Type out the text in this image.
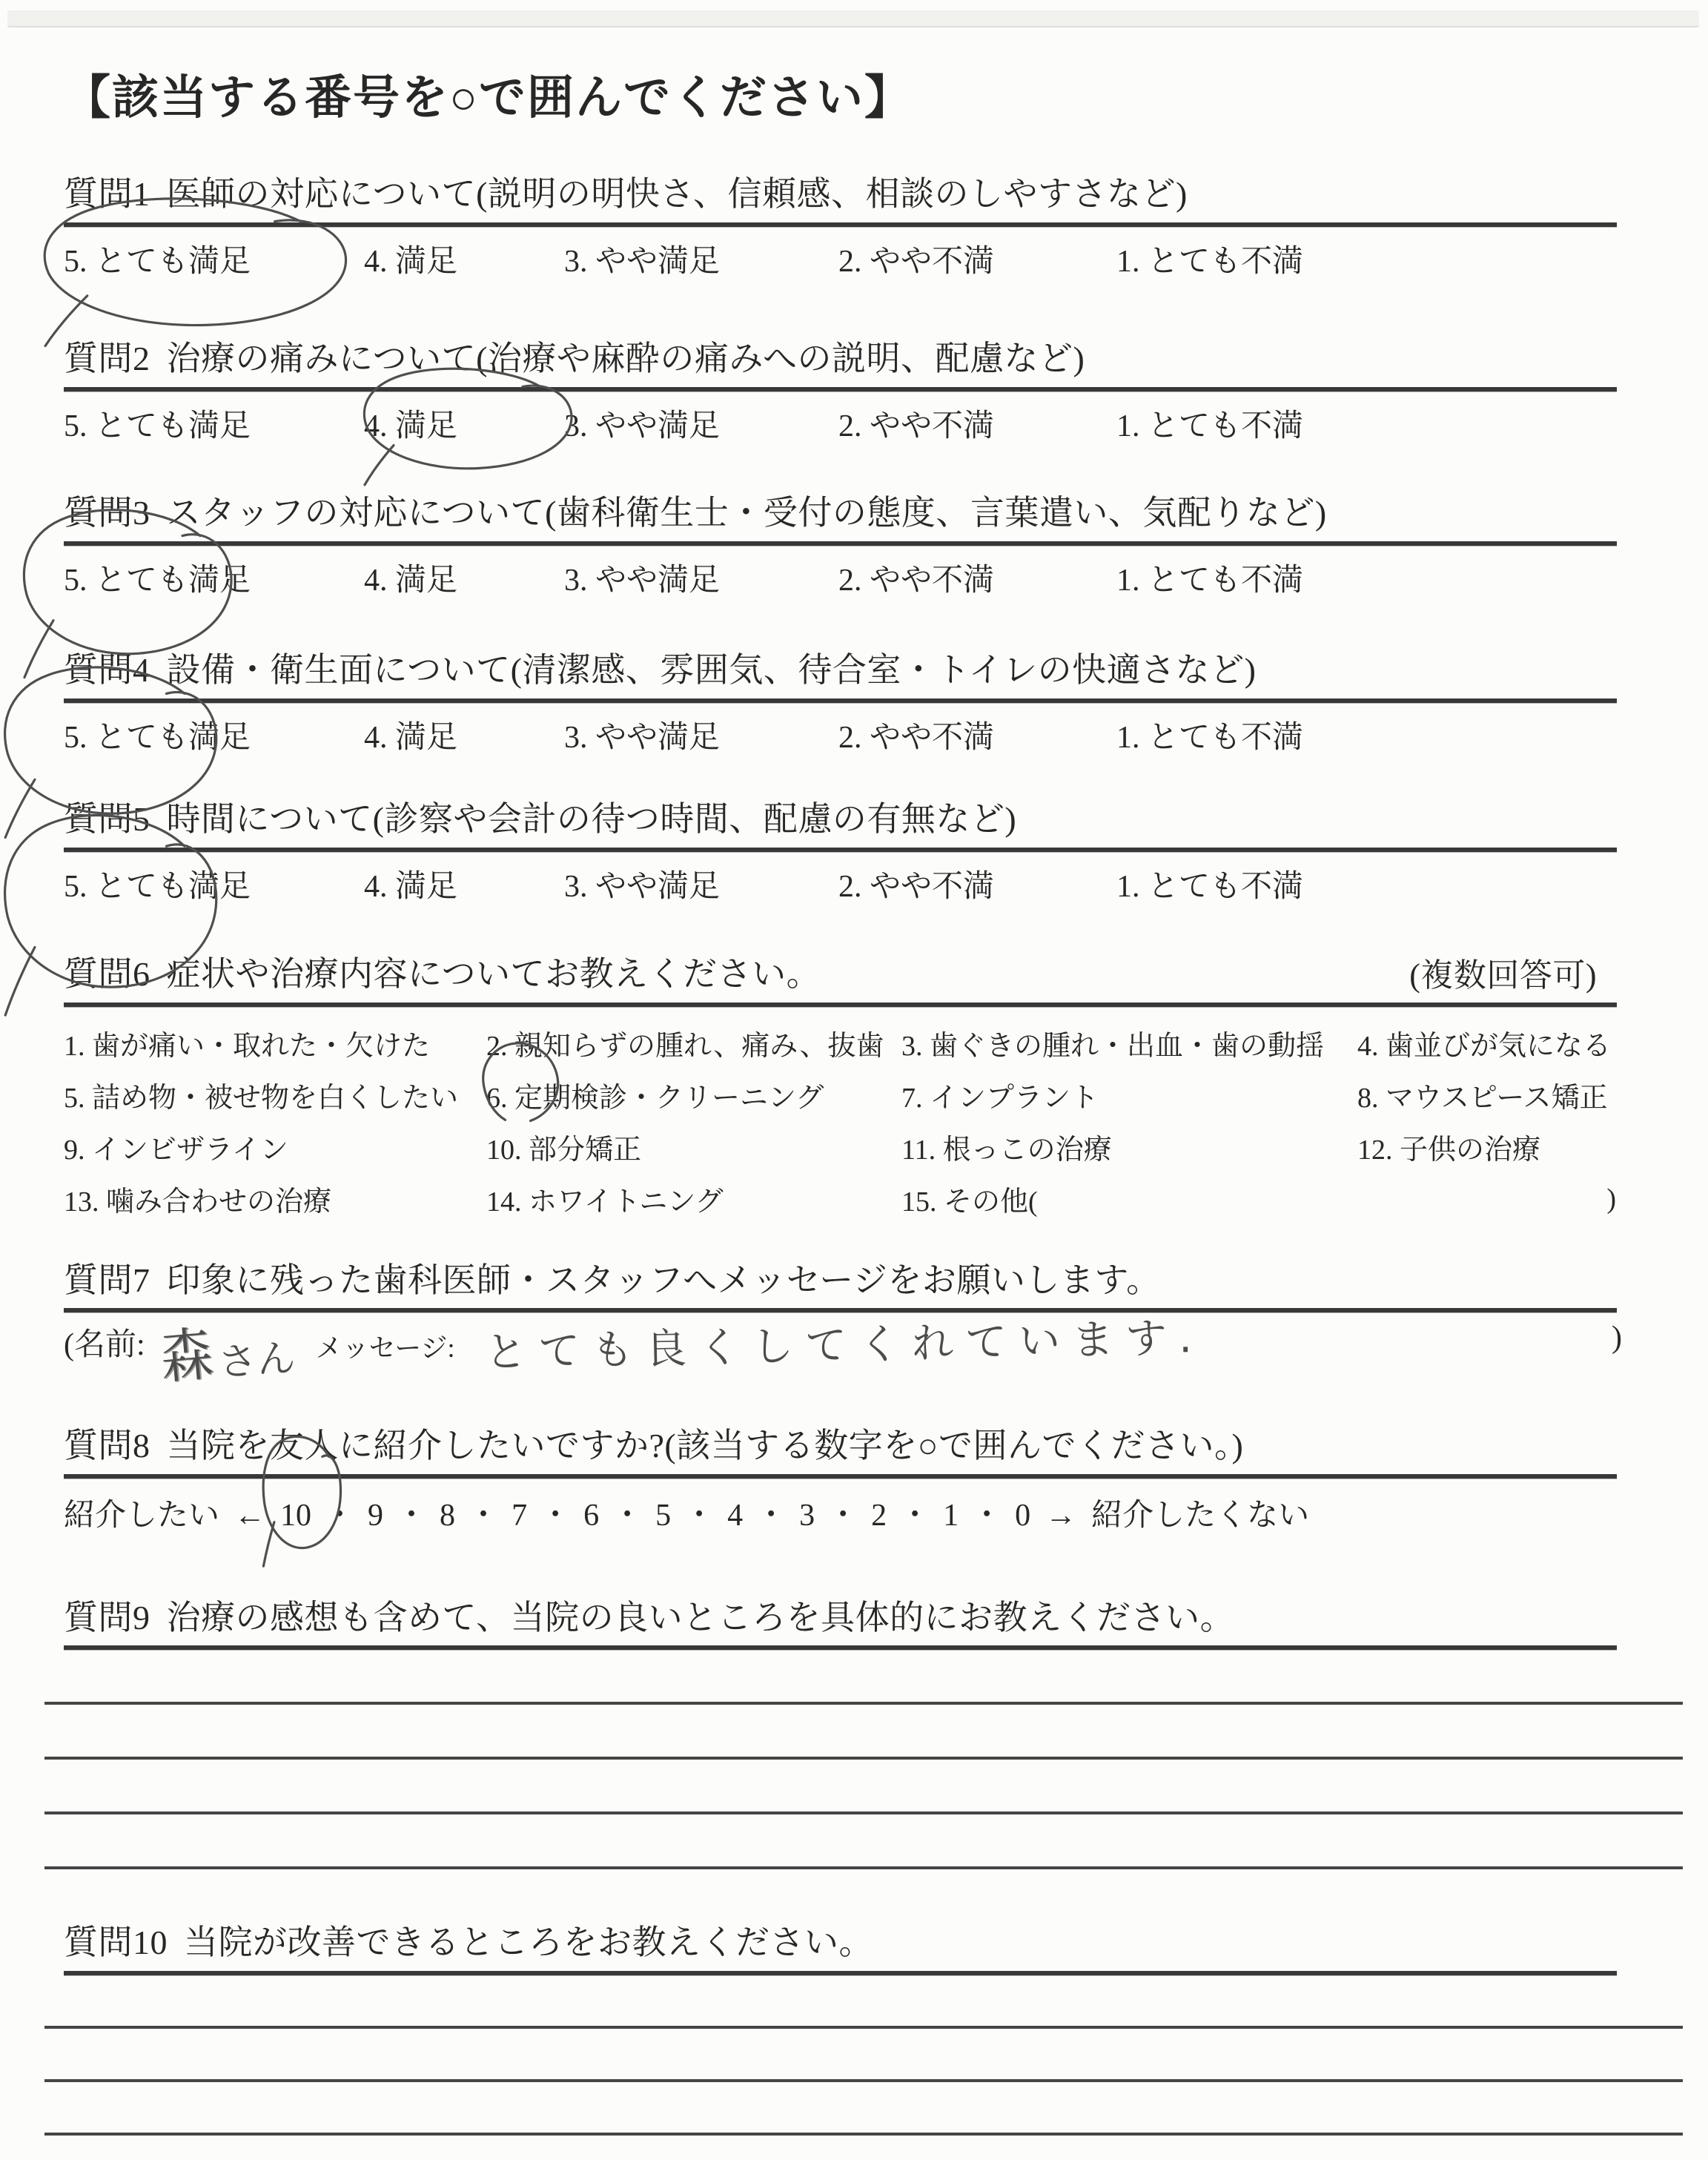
【該当する番号を○で囲んでください】
質問1 医師の対応について(説明の明快さ、信頼感、相談のしやすさなど)
5. とても満足	4. 満足	3. やや満足	2. やや不満	1. とても不満
質問2 治療の痛みについて(治療や麻酔の痛みへの説明、配慮など)
5. とても満足	4. 満足	3. やや満足	2. やや不満	1. とても不満
質問3 スタッフの対応について(歯科衛生士・受付の態度、言葉遣い、気配りなど)
5. とても満足	4. 満足	3. やや満足	2. やや不満	1. とても不満
質問4 設備・衛生面について(清潔感、雰囲気、待合室・トイレの快適さなど)
5. とても満足	4. 満足	3. やや満足	2. やや不満	1. とても不満
質問5 時間について(診察や会計の待つ時間、配慮の有無など)
5. とても満足	4. 満足	3. やや満足	2. やや不満	1. とても不満
質問6 症状や治療内容についてお教えください。	(複数回答可)
1. 歯が痛い・取れた・欠けた	2. 親知らずの腫れ、痛み、抜歯 3. 歯ぐきの腫れ・出血・歯の動揺	4. 歯並びが気になる
5. 詰め物・被せ物を白くしたい 6. 定期検診・クリーニング	7. インプラント	8. マウスピース矯正
9. インビザライン	10. 部分矯正	11. 根っこの治療	12. 子供の治療
13. 噛み合わせの治療	14. ホワイトニング	15. その他(	)
質問7 印象に残った歯科医師・スタッフへメッセージをお願いします。
(名前: 森 さん メッセージ: とても良くしてくれています.	)
質問8 当院を友人に紹介したいですか?(該当する数字を○で囲んでください。)
紹介したい ← 10 ・ 9 ・ 8 ・ 7 ・ 6 ・ 5 ・ 4 ・ 3 ・ 2 ・ 1 ・ 0 → 紹介したくない
質問9 治療の感想も含めて、当院の良いところを具体的にお教えください。
質問10 当院が改善できるところをお教えください。
